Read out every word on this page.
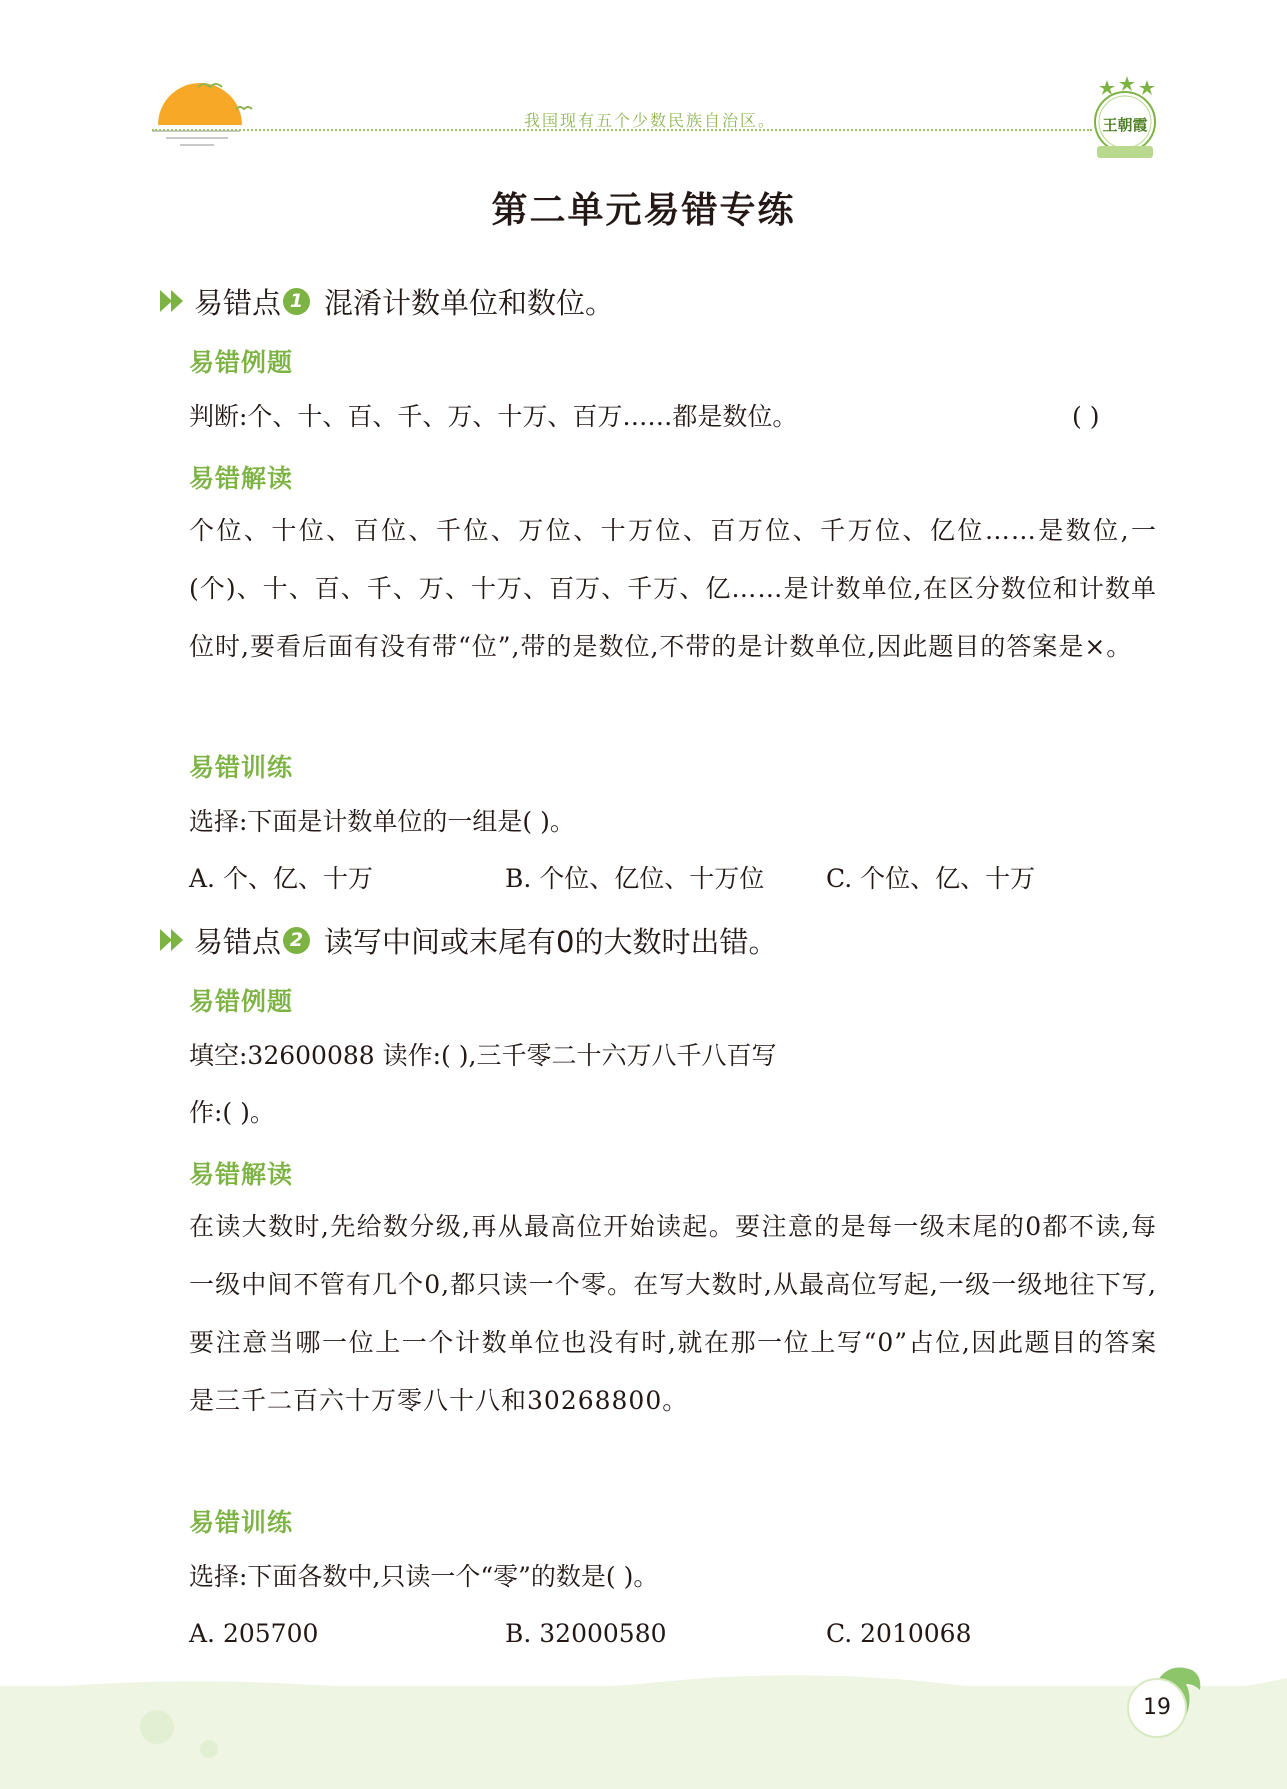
我国现有五个少数民族自治区。	王朝霞
第二单元易错专练
易错点 1 混淆计数单位和数位。
易错例题
判断:个、十、百、千、万、十万、百万……都是数位。	( )
易错解读
个位、十位、百位、千位、万位、十万位、百万位、千万位、亿位……是数位,一(个)、十、百、千、万、十万、百万、千万、亿……是计数单位,在区分数位和计数单位时,要看后面有没有带“位”,带的是数位,不带的是计数单位,因此题目的答案是×。
易错训练
选择:下面是计数单位的一组是( )。
A. 个、亿、十万	B. 个位、亿位、十万位 C. 个位、亿、十万
易错点 2 读写中间或末尾有0的大数时出错。
易错例题
填空:32600088 读作:( ),三千零二十六万八千八百写
作:( )。
易错解读
在读大数时,先给数分级,再从最高位开始读起。要注意的是每一级末尾的0都不读,每一级中间不管有几个0,都只读一个零。在写大数时,从最高位写起,一级一级地往下写,要注意当哪一位上一个计数单位也没有时,就在那一位上写“0”占位,因此题目的答案是三千二百六十万零八十八和30268800。
易错训练
选择:下面各数中,只读一个“零”的数是( )。
A. 205700	B. 32000580	C. 2010068
19
